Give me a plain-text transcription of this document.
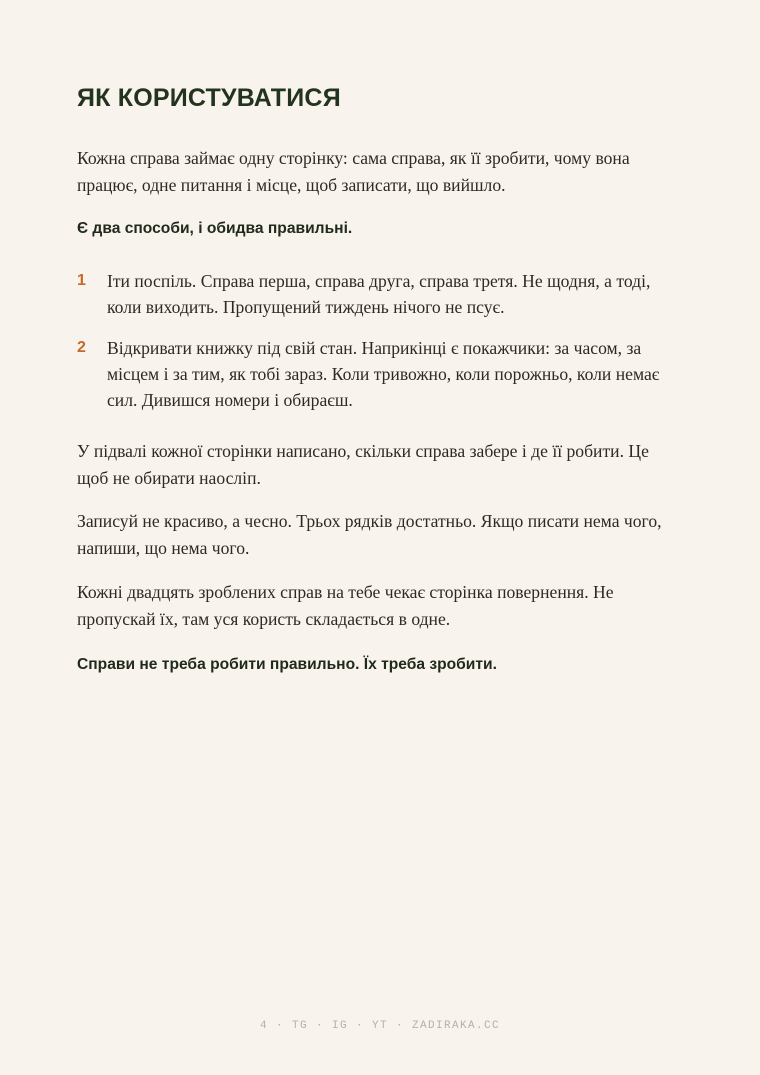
ЯК КОРИСТУВАТИСЯ

Кожна справа займає одну сторінку: сама справа, як її зробити, чому вона працює, одне питання і місце, щоб записати, що вийшло.

Є два способи, і обидва правильні.

1 Іти поспіль. Справа перша, справа друга, справа третя. Не щодня, а тоді, коли виходить. Пропущений тиждень нічого не псує.

2 Відкривати книжку під свій стан. Наприкінці є покажчики: за часом, за місцем і за тим, як тобі зараз. Коли тривожно, коли порожньо, коли немає сил. Дивишся номери і обираєш.

У підвалі кожної сторінки написано, скільки справа забере і де її робити. Це щоб не обирати наосліп.

Записуй не красиво, а чесно. Трьох рядків достатньо. Якщо писати нема чого, напиши, що нема чого.

Кожні двадцять зроблених справ на тебе чекає сторінка повернення. Не пропускай їх, там уся користь складається в одне.

Справи не треба робити правильно. Їх треба зробити.

4 · TG · IG · YT · ZADIRAKA.CC
